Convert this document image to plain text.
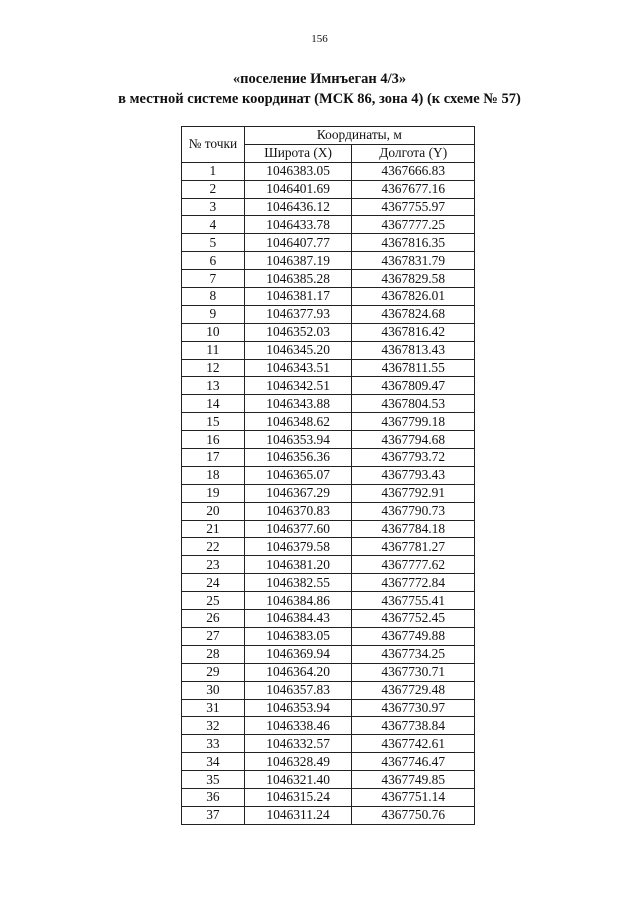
156
«поселение Имнъеган 4/3»
в местной системе координат (МСК 86, зона 4) (к схеме № 57)
№ точки	Координаты, м	
	Широта (X)	Долгота (Y)
1	1046383.05	4367666.83
2	1046401.69	4367677.16
3	1046436.12	4367755.97
4	1046433.78	4367777.25
5	1046407.77	4367816.35
6	1046387.19	4367831.79
7	1046385.28	4367829.58
8	1046381.17	4367826.01
9	1046377.93	4367824.68
10	1046352.03	4367816.42
11	1046345.20	4367813.43
12	1046343.51	4367811.55
13	1046342.51	4367809.47
14	1046343.88	4367804.53
15	1046348.62	4367799.18
16	1046353.94	4367794.68
17	1046356.36	4367793.72
18	1046365.07	4367793.43
19	1046367.29	4367792.91
20	1046370.83	4367790.73
21	1046377.60	4367784.18
22	1046379.58	4367781.27
23	1046381.20	4367777.62
24	1046382.55	4367772.84
25	1046384.86	4367755.41
26	1046384.43	4367752.45
27	1046383.05	4367749.88
28	1046369.94	4367734.25
29	1046364.20	4367730.71
30	1046357.83	4367729.48
31	1046353.94	4367730.97
32	1046338.46	4367738.84
33	1046332.57	4367742.61
34	1046328.49	4367746.47
35	1046321.40	4367749.85
36	1046315.24	4367751.14
37	1046311.24	4367750.76
